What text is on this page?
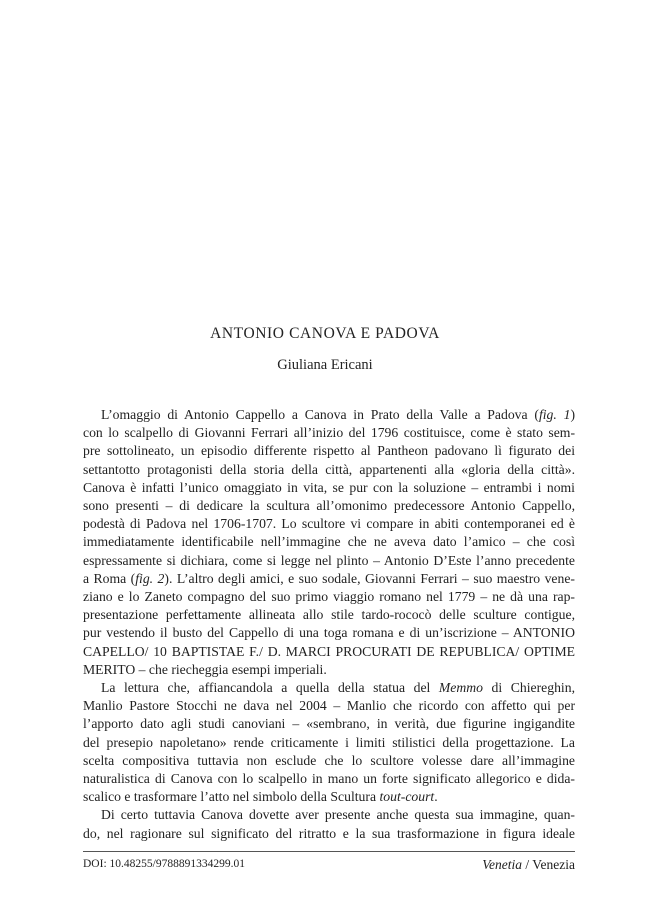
ANTONIO CANOVA E PADOVA
Giuliana Ericani

L’omaggio di Antonio Cappello a Canova in Prato della Valle a Padova (fig. 1)
con lo scalpello di Giovanni Ferrari all’inizio del 1796 costituisce, come è stato sem-
pre sottolineato, un episodio differente rispetto al Pantheon padovano lì figurato dei
settantotto protagonisti della storia della città, appartenenti alla «gloria della città».
Canova è infatti l’unico omaggiato in vita, se pur con la soluzione – entrambi i nomi
sono presenti – di dedicare la scultura all’omonimo predecessore Antonio Cappello,
podestà di Padova nel 1706-1707. Lo scultore vi compare in abiti contemporanei ed è
immediatamente identificabile nell’immagine che ne aveva dato l’amico – che così
espressamente si dichiara, come si legge nel plinto – Antonio D’Este l’anno precedente
a Roma (fig. 2). L’altro degli amici, e suo sodale, Giovanni Ferrari – suo maestro vene-
ziano e lo Zaneto compagno del suo primo viaggio romano nel 1779 – ne dà una rap-
presentazione perfettamente allineata allo stile tardo-rococò delle sculture contigue,
pur vestendo il busto del Cappello di una toga romana e di un’iscrizione – ANTONIO
CAPELLO/ 10 BAPTISTAE F./ D. MARCI PROCURATI DE REPUBLICA/ OPTIME
MERITO – che riecheggia esempi imperiali.

La lettura che, affiancandola a quella della statua del Memmo di Chiereghin,
Manlio Pastore Stocchi ne dava nel 2004 – Manlio che ricordo con affetto qui per
l’apporto dato agli studi canoviani – «sembrano, in verità, due figurine ingigandite
del presepio napoletano» rende criticamente i limiti stilistici della progettazione. La
scelta compositiva tuttavia non esclude che lo scultore volesse dare all’immagine
naturalistica di Canova con lo scalpello in mano un forte significato allegorico e dida-
scalico e trasformare l’atto nel simbolo della Scultura tout-court.

Di certo tuttavia Canova dovette aver presente anche questa sua immagine, quan-
do, nel ragionare sul significato del ritratto e la sua trasformazione in figura ideale

DOI: 10.48255/9788891334299.01	Venetia / Venezia
